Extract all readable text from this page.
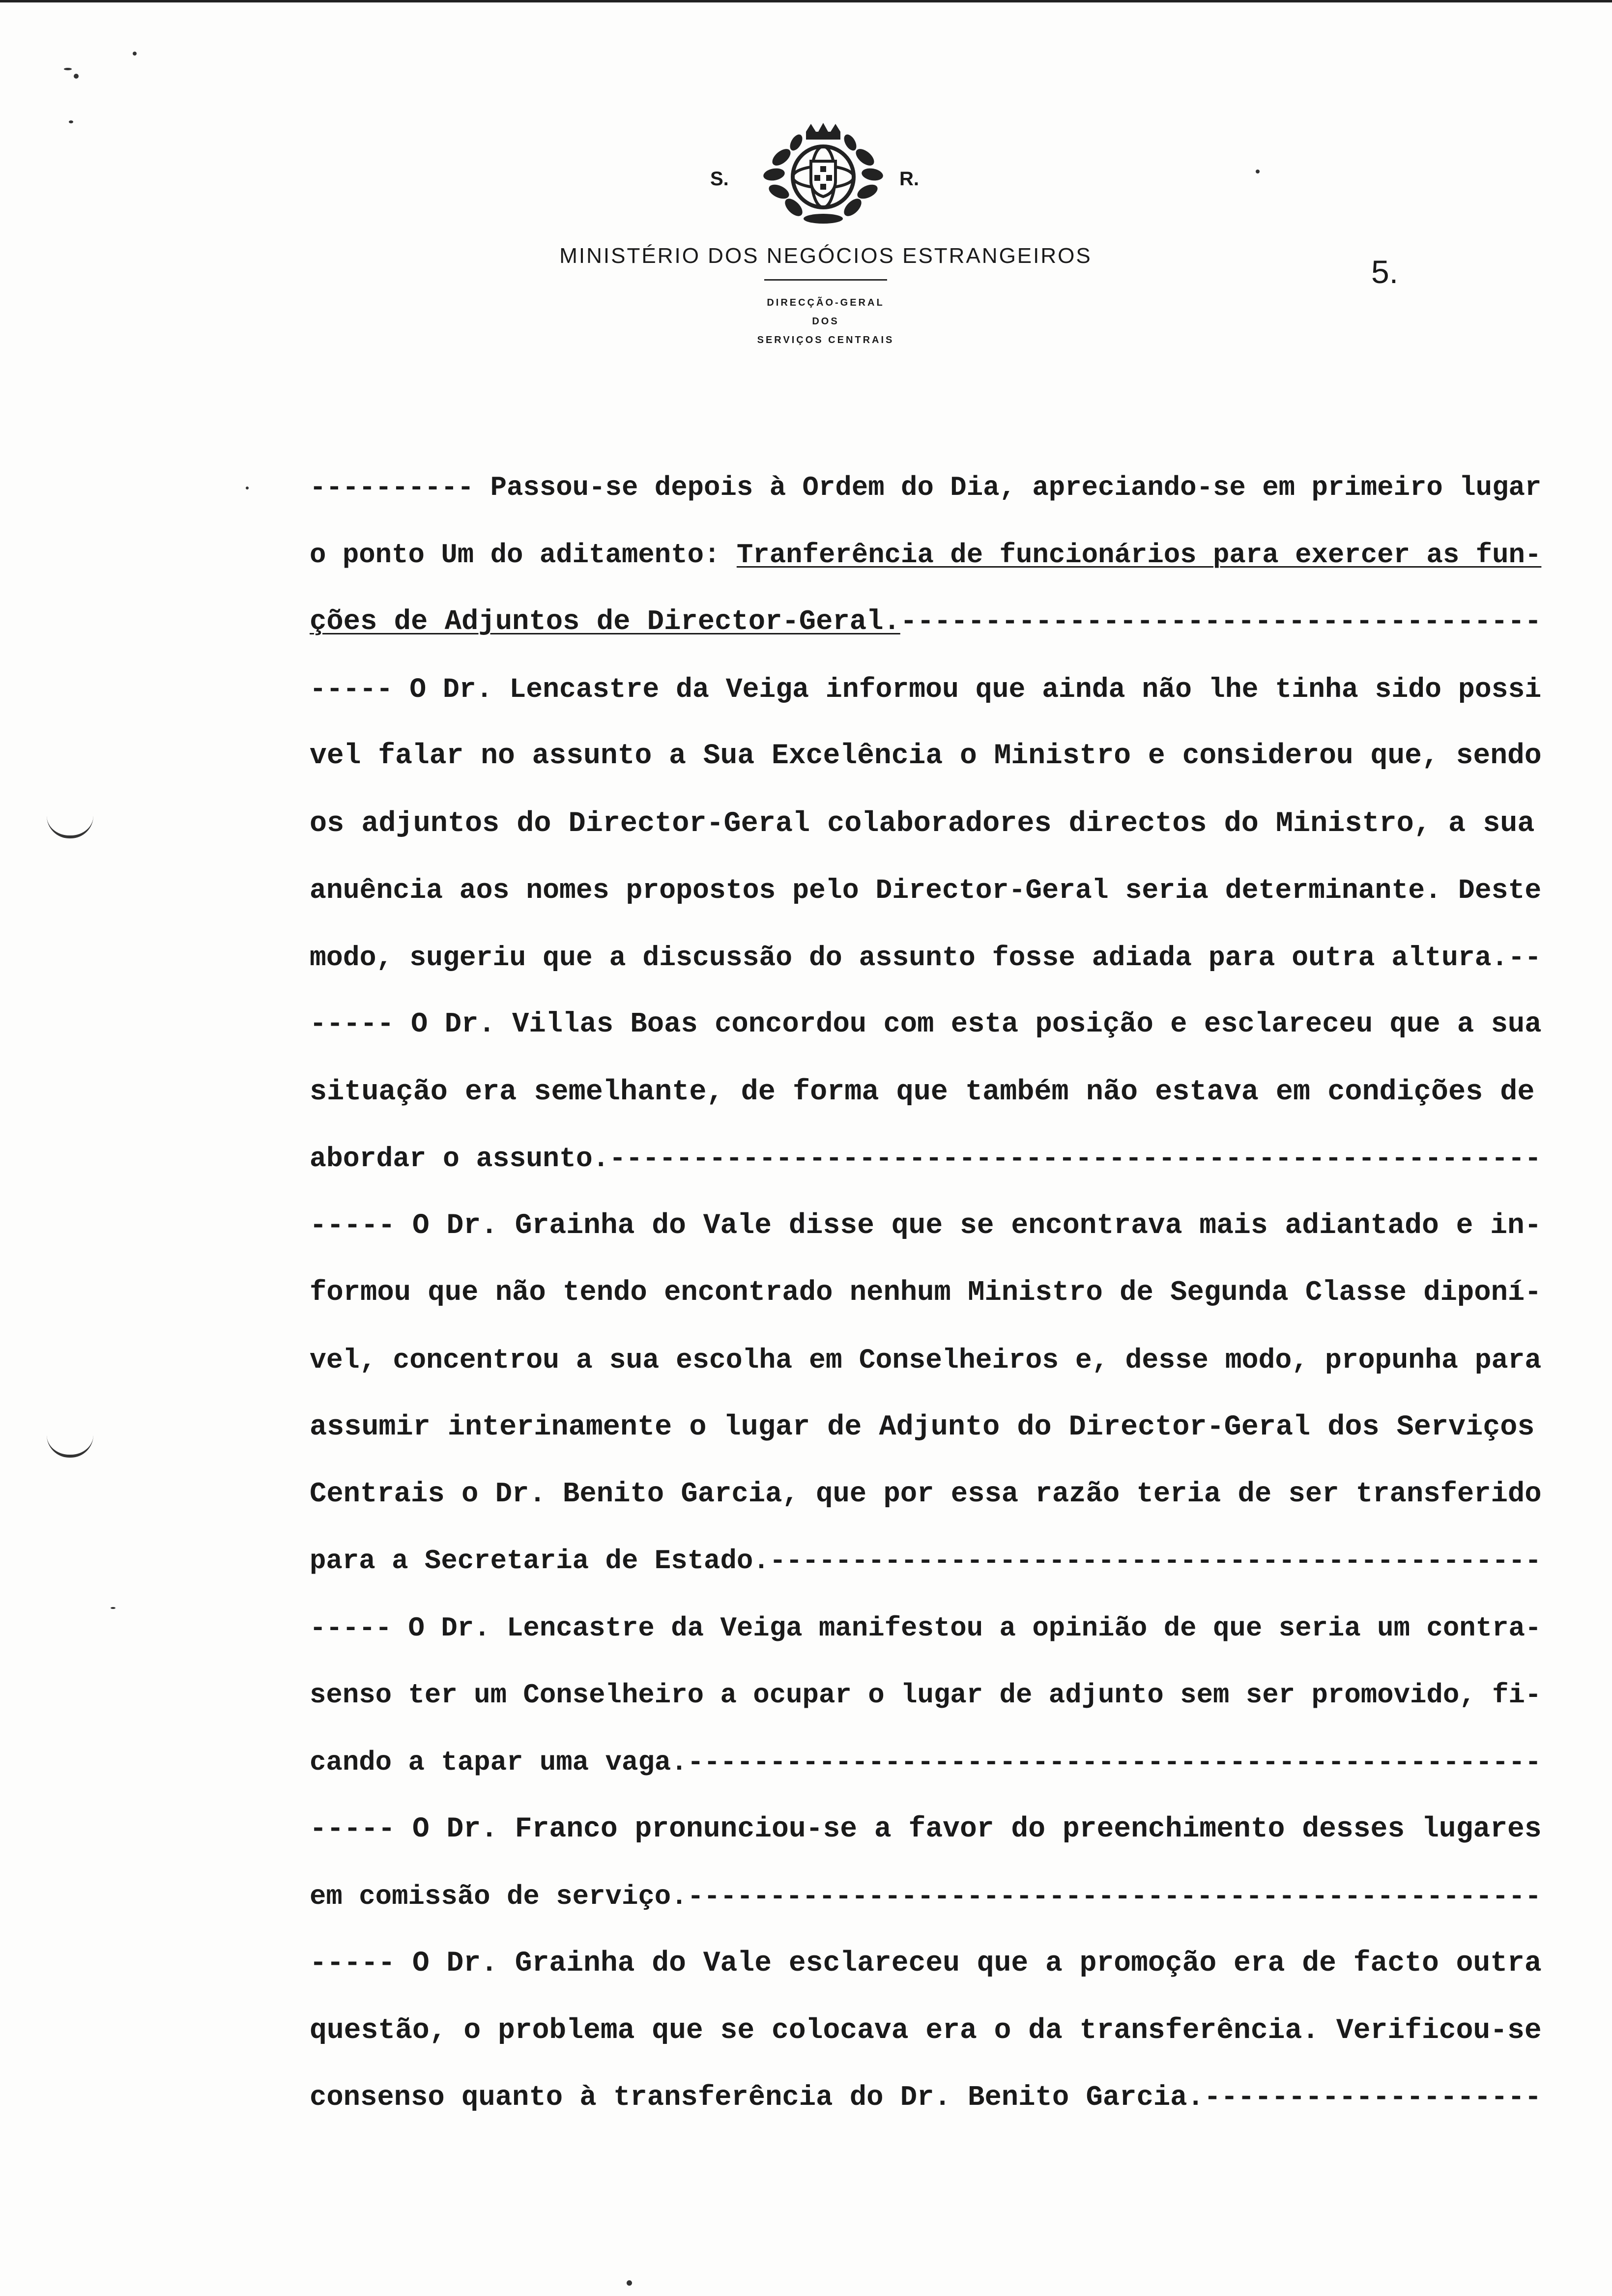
S.	R.
MINISTÉRIO DOS NEGÓCIOS ESTRANGEIROS
DIRECÇÃO-GERAL
DOS
SERVIÇOS CENTRAIS
5.
---------- Passou-se depois à Ordem do Dia, apreciando-se em primeiro lugar
o ponto Um do aditamento: Tranferência de funcionários para exercer as fun-
ções de Adjuntos de Director-Geral.--------------------------------------
----- O Dr. Lencastre da Veiga informou que ainda não lhe tinha sido possi
vel falar no assunto a Sua Excelência o Ministro e considerou que, sendo
os adjuntos do Director-Geral colaboradores directos do Ministro, a sua
anuência aos nomes propostos pelo Director-Geral seria determinante. Deste
modo, sugeriu que a discussão do assunto fosse adiada para outra altura.--
----- O Dr. Villas Boas concordou com esta posição e esclareceu que a sua
situação era semelhante, de forma que também não estava em condições de
abordar o assunto.--------------------------------------------------------
----- O Dr. Grainha do Vale disse que se encontrava mais adiantado e in-
formou que não tendo encontrado nenhum Ministro de Segunda Classe diponí-
vel, concentrou a sua escolha em Conselheiros e, desse modo, propunha para
assumir interinamente o lugar de Adjunto do Director-Geral dos Serviços
Centrais o Dr. Benito Garcia, que por essa razão teria de ser transferido
para a Secretaria de Estado.-----------------------------------------------
----- O Dr. Lencastre da Veiga manifestou a opinião de que seria um contra-
senso ter um Conselheiro a ocupar o lugar de adjunto sem ser promovido, fi-
cando a tapar uma vaga.----------------------------------------------------
----- O Dr. Franco pronunciou-se a favor do preenchimento desses lugares
em comissão de serviço.----------------------------------------------------
----- O Dr. Grainha do Vale esclareceu que a promoção era de facto outra
questão, o problema que se colocava era o da transferência. Verificou-se
consenso quanto à transferência do Dr. Benito Garcia.--------------------
